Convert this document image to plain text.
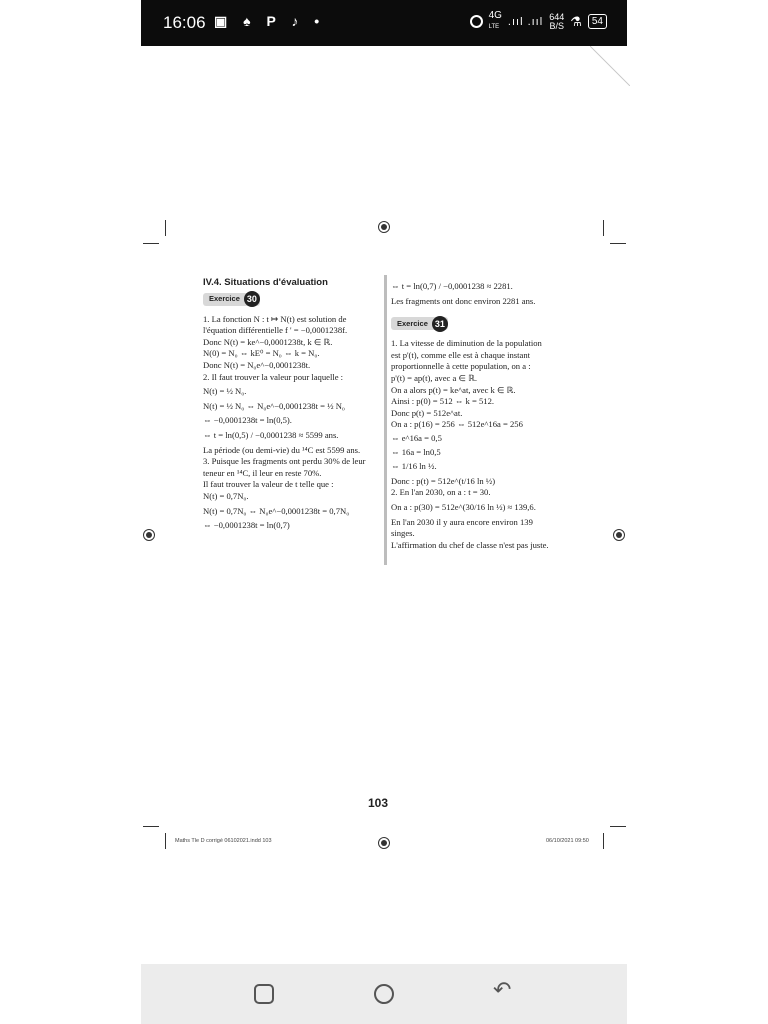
16:06 ▣ ♠ P ♪ •	4G
LTE .ııl .ııl 644
B/S ⚗	54

IV.4. Situations d'évaluation

Exercice 30

1. La fonction N : t ↦ N(t) est solution de

l'équation différentielle f ' = −0,0001238f.

Donc N(t) = ke^−0,0001238t, k ∈ ℝ.

N(0) = N₀ ⇔ kE⁰ = N₀ ⇔ k = N₀.

Donc N(t) = N₀e^−0,0001238t.

2. Il faut trouver la valeur pour laquelle :

N(t) = ½ N₀.

N(t) = ½ N₀ ⇔ N₀e^−0,0001238t = ½ N₀

⇔ −0,0001238t = ln(0,5).

⇔ t = ln(0,5) / −0,0001238 ≈ 5599 ans.

La période (ou demi-vie) du ¹⁴C est 5599 ans.

3. Puisque les fragments ont perdu 30% de leur

teneur en ¹⁴C, il leur en reste 70%.

Il faut trouver la valeur de t telle que :

N(t) = 0,7N₀.

N(t) = 0,7N₀ ⇔ N₀e^−0,0001238t = 0,7N₀

⇔ −0,0001238t = ln(0,7)

⇔ t = ln(0,7) / −0,0001238 ≈ 2281.

Les fragments ont donc environ 2281 ans.

Exercice 31

1. La vitesse de diminution de la population

est p'(t), comme elle est à chaque instant

proportionnelle à cette population, on a :

p'(t) = ap(t), avec a ∈ ℝ.

On a alors p(t) = ke^at, avec k ∈ ℝ.

Ainsi : p(0) = 512 ⇔ k = 512.

Donc p(t) = 512e^at.

On a : p(16) = 256 ⇔ 512e^16a = 256

⇔ e^16a = 0,5

⇔ 16a = ln0,5

⇔ 1/16 ln ½.

Donc : p(t) = 512e^(t/16 ln ½)

2. En l'an 2030, on a : t = 30.

On a : p(30) = 512e^(30/16 ln ½) ≈ 139,6.

En l'an 2030 il y aura encore environ 139

singes.

L'affirmation du chef de classe n'est pas juste.

103
Maths Tle D corrigé 06102021.indd 103	06/10/2021 09:50
↶
